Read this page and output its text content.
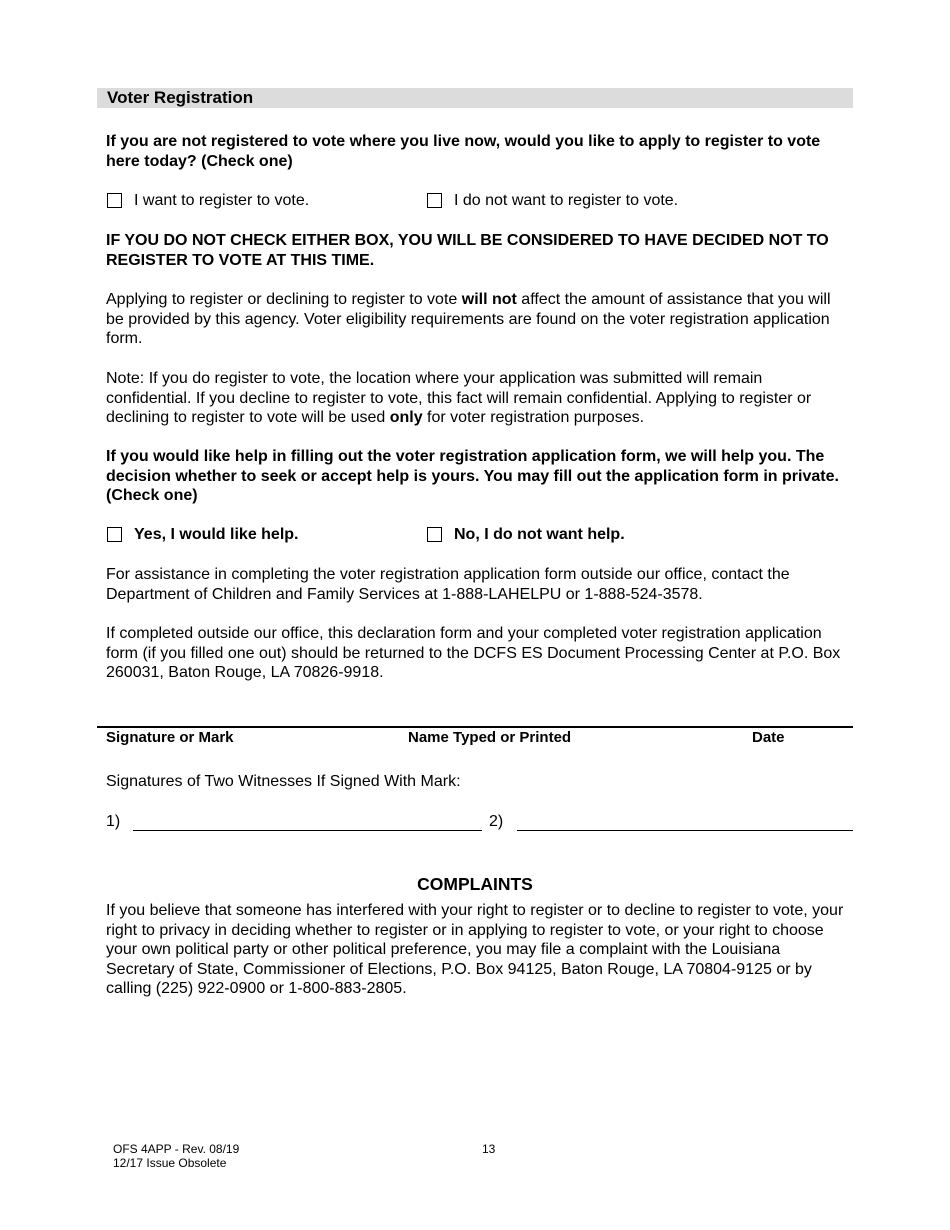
Voter Registration
If you are not registered to vote where you live now, would you like to apply to register to vote here today? (Check one)
I want to register to vote.	I do not want to register to vote.
IF YOU DO NOT CHECK EITHER BOX, YOU WILL BE CONSIDERED TO HAVE DECIDED NOT TO REGISTER TO VOTE AT THIS TIME.
Applying to register or declining to register to vote will not affect the amount of assistance that you will be provided by this agency. Voter eligibility requirements are found on the voter registration application form.
Note: If you do register to vote, the location where your application was submitted will remain confidential. If you decline to register to vote, this fact will remain confidential. Applying to register or declining to register to vote will be used only for voter registration purposes.
If you would like help in filling out the voter registration application form, we will help you. The decision whether to seek or accept help is yours. You may fill out the application form in private. (Check one)
Yes, I would like help.	No, I do not want help.
For assistance in completing the voter registration application form outside our office, contact the Department of Children and Family Services at 1-888-LAHELPU or 1-888-524-3578.
If completed outside our office, this declaration form and your completed voter registration application form (if you filled one out) should be returned to the DCFS ES Document Processing Center at P.O. Box 260031, Baton Rouge, LA 70826-9918.
Signature or Mark	Name Typed or Printed	Date
Signatures of Two Witnesses If Signed With Mark:
1)	2)
COMPLAINTS
If you believe that someone has interfered with your right to register or to decline to register to vote, your right to privacy in deciding whether to register or in applying to register to vote, or your right to choose your own political party or other political preference, you may file a complaint with the Louisiana Secretary of State, Commissioner of Elections, P.O. Box 94125, Baton Rouge, LA 70804-9125 or by calling (225) 922-0900 or 1-800-883-2805.
OFS 4APP - Rev. 08/19
12/17 Issue Obsolete
13
